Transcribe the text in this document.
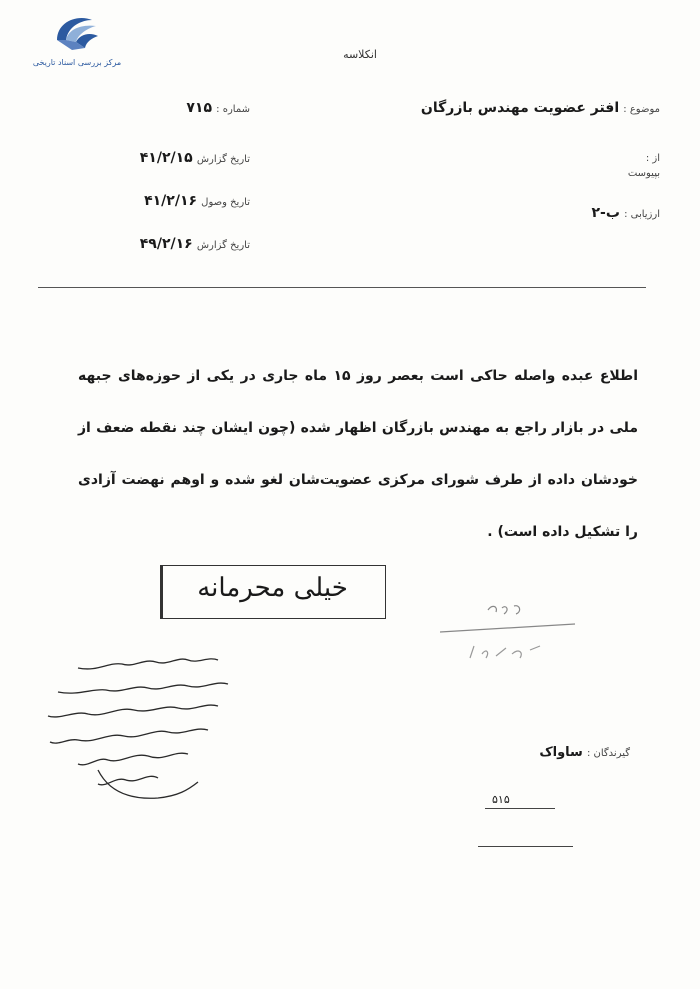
مرکز بررسی اسناد تاریخی
انکلاسه
موضوع : افتر عضویت مهندس بازرگان
شماره : ۷۱۵
از :
بپیوست
تاریخ گزارش ۴۱/۲/۱۵
تاریخ وصول ۴۱/۲/۱۶
تاریخ گزارش ۴۹/۲/۱۶
ارزیابی : ب-۲
اطلاع عبده واصله حاکی است بعصر روز ۱۵ ماه جاری در یکی از حوزه‌های جبهه ملی در بازار راجع به مهندس بازرگان اظهار شده (چون ایشان چند نقطه ضعف از خودشان داده از طرف شورای مرکزی عضویت‌شان لغو شده و اوهم نهضت آزادی را تشکیل داده است) .
خیلی محرمانه
گیرندگان : ساواک
۵۱۵
